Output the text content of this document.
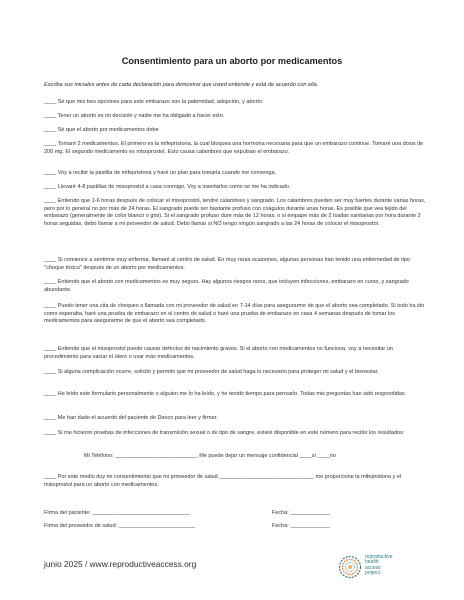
Consentimiento para un aborto por medicamentos
Escriba sus iniciales antes de cada declaración para demostrar que usted entiende y está de acuerdo con ella.
____ Sé que mis tres opciones para este embarazo son la paternidad, adopción, y aborto.
____ Tener un aborto es mi decisión y nadie me ha obligado a hacer esto.
____ Sé que el aborto por medicamentos debe
____ Tomaré 2 medicamentos. El primero es la mifepristona, la cual bloquea una hormona necesaria para que un embarazo continue. Tomaré una dosis de 200 mg. El segundo medicamento es misoprostol. Esto causa calambres que expulsan el embarazo.
____ Voy a recibir la pastilla de mifepristona y haré un plan para tomarla cuando me convenga.
____ Llevaré 4-8 pastillas de misoprostol a casa conmigo. Voy a insertarlos como se me ha indicado.
____ Entiendo que 1-6 horas después de colocar el misoprostol, tendré calambres y sangrado. Los calambres pueden ser muy fuertes durante varias horas, pero por lo general no por más de 24 horas. El sangrado puede ser bastante profuso con coágulos durante unas horas. Es posible que vea tejido del embarazo (generalmente de color blanco o gris). Si el sangrado profuso dure más de 12 horas, o si empape más de 2 toallas sanitarias por hora durante 2 horas seguidas, debo llamar a mi proveedor de salud. Debo llamar si NO tengo ningún sangrado a las 24 horas de colocar el misoprostol.
____ Si comience a sentirme muy enferma, llamaré al centro de salud. En muy raras ocasiones, algunas personas han tenido una enfermedad de tipo "choque tóxico" después de un aborto por medicamentos.
____ Entiendo que el aborto con medicamentos es muy seguro. Hay algunos riesgos raros, que incluyen infecciones, embarazo en curso, y sangrado abundante.
____ Puedo tener una cita de chequeo o llamada con mi proveedor de salud en 7-14 días para asegurarme de que el aborto sea completado. Si todo ha ido como esperaba, haré una prueba de embarazo en el centro de salud o haré una prueba de embarazo en casa 4 semanas después de tomar los medicamentos para asegurarme de que el aborto sea completado.
____ Entiendo que el misoprostol puede causar defectos de nacimiento graves. Si el aborto con medicamentos no funciona, voy a necesitar un procedimiento para vaciar el útero o usar más medicamentos.
____ Si alguna complicación ocurre, solicito y permito que mi proveedor de salud haga lo necesario para proteger mi salud y el bienestar.
____ He leído este formulario personalmente o alguien me lo ha leído, y he tenido tiempo para pensarlo. Todas mis preguntas han sido respondidas.
____ Me han dado el acuerdo del paciente de Danco para leer y firmar.
____ Si me hicieron pruebas de infecciones de transmisión sexual o de tipo de sangre, estaré disponible en este número para recibir los resultados:
Mi Teléfono: ___________________________ Me puede dejar un mensaje confidencial ____sí ____no
____ Por este medio doy mi consentimiento que mi proveedor de salud _______________________________ me proporcione la mifepristona y el misoprostol para un aborto con medicamentos.
Firma del paciente: ________________________________	Fecha: _____________
Firma del proveedor de salud: _________________________	Fecha: _____________
junio 2025 / www.reproductiveaccess.org
reproductive
health
access
project
